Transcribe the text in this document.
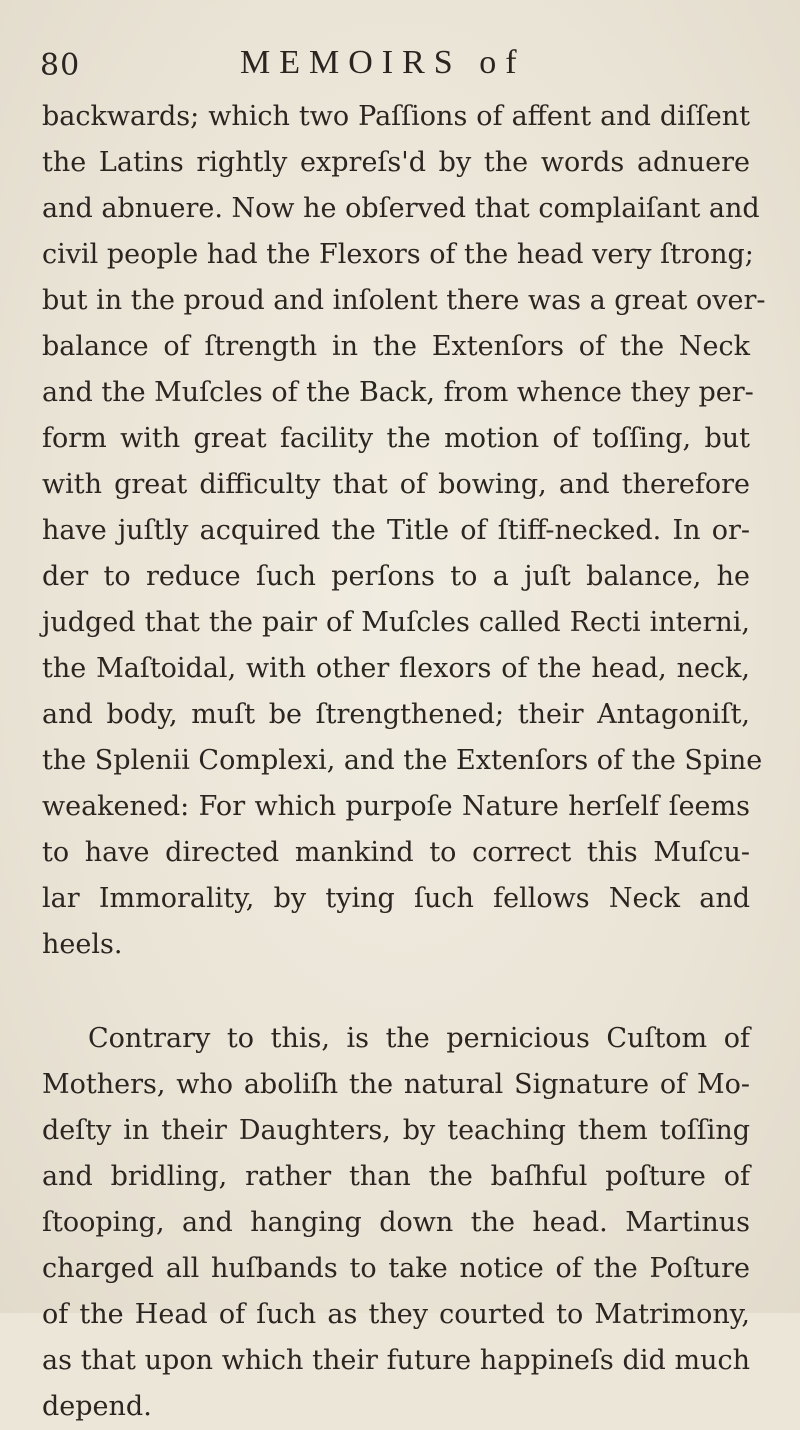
80	MEMOIRS of
backwards; which two Paſſions of affent and diſſent
the Latins rightly expreſs'd by the words adnuere
and abnuere. Now he obſerved that complaiſant and
civil people had the Flexors of the head very ſtrong;
but in the proud and inſolent there was a great over-
balance of ſtrength in the Extenſors of the Neck
and the Muſcles of the Back, from whence they per-
form with great facility the motion of toſſing, but
with great difficulty that of bowing, and therefore
have juſtly acquired the Title of ſtiff-necked. In or-
der to reduce ſuch perſons to a juſt balance, he
judged that the pair of Muſcles called Recti interni,
the Maſtoidal, with other flexors of the head, neck,
and body, muſt be ſtrengthened; their Antagoniſt,
the Splenii Complexi, and the Extenſors of the Spine
weakened: For which purpoſe Nature herſelf ſeems
to have directed mankind to correct this Muſcu-
lar Immorality, by tying ſuch fellows Neck and
heels.
Contrary to this, is the pernicious Cuſtom of
Mothers, who aboliſh the natural Signature of Mo-
deſty in their Daughters, by teaching them toſſing
and bridling, rather than the baſhful poſture of
ſtooping, and hanging down the head. Martinus
charged all huſbands to take notice of the Poſture
of the Head of ſuch as they courted to Matrimony,
as that upon which their future happineſs did much
depend.
